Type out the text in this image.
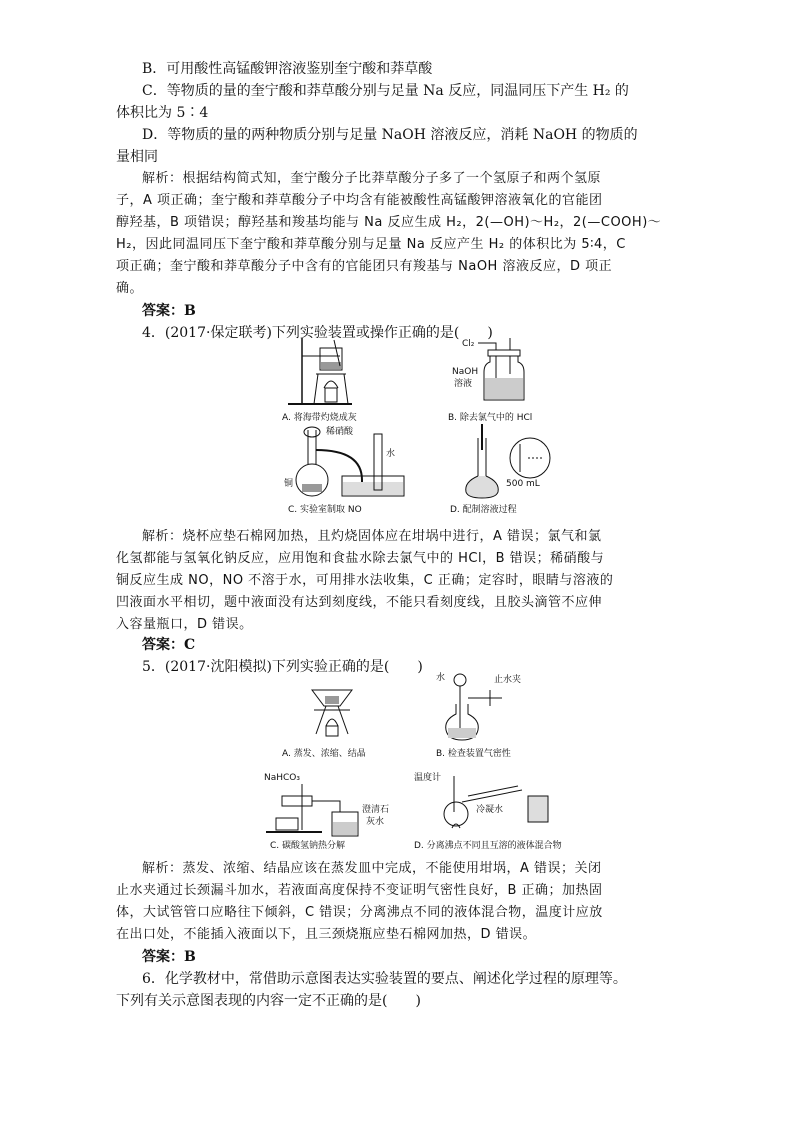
B．可用酸性高锰酸钾溶液鉴别奎宁酸和莽草酸
C．等物质的量的奎宁酸和莽草酸分别与足量 Na 反应，同温同压下产生 H₂ 的
体积比为 5∶4
D．等物质的量的两种物质分别与足量 NaOH 溶液反应，消耗 NaOH 的物质的
量相同
解析：根据结构简式知，奎宁酸分子比莽草酸分子多了一个氢原子和两个氢原
子，A 项正确；奎宁酸和莽草酸分子中均含有能被酸性高锰酸钾溶液氧化的官能团
醇羟基，B 项错误；醇羟基和羧基均能与 Na 反应生成 H₂，2(—OH)～H₂，2(—COOH)～
H₂，因此同温同压下奎宁酸和莽草酸分别与足量 Na 反应产生 H₂ 的体积比为 5∶4，C
项正确；奎宁酸和莽草酸分子中含有的官能团只有羧基与 NaOH 溶液反应，D 项正
确。
答案：B
4．(2017·保定联考)下列实验装置或操作正确的是(　　)
A. 将海带灼烧成灰
Cl₂
NaOH
溶液
B. 除去氯气中的 HCl
稀硝酸
水
铜
C. 实验室制取 NO
500 mL
D. 配制溶液过程
解析：烧杯应垫石棉网加热，且灼烧固体应在坩埚中进行，A 错误；氯气和氯
化氢都能与氢氧化钠反应，应用饱和食盐水除去氯气中的 HCl，B 错误；稀硝酸与
铜反应生成 NO，NO 不溶于水，可用排水法收集，C 正确；定容时，眼睛与溶液的
凹液面水平相切，题中液面没有达到刻度线，不能只看刻度线，且胶头滴管不应伸
入容量瓶口，D 错误。
答案：C
5．(2017·沈阳模拟)下列实验正确的是(　　)
A. 蒸发、浓缩、结晶
水	止水夹
B. 检查装置气密性
NaHCO₃
澄清石
灰水
C. 碳酸氢钠热分解
温度计
冷凝水
D. 分离沸点不同且互溶的液体混合物
解析：蒸发、浓缩、结晶应该在蒸发皿中完成，不能使用坩埚，A 错误；关闭
止水夹通过长颈漏斗加水，若液面高度保持不变证明气密性良好，B 正确；加热固
体，大试管管口应略往下倾斜，C 错误；分离沸点不同的液体混合物，温度计应放
在出口处，不能插入液面以下，且三颈烧瓶应垫石棉网加热，D 错误。
答案：B
6．化学教材中，常借助示意图表达实验装置的要点、阐述化学过程的原理等。
下列有关示意图表现的内容一定不正确的是(　　)
